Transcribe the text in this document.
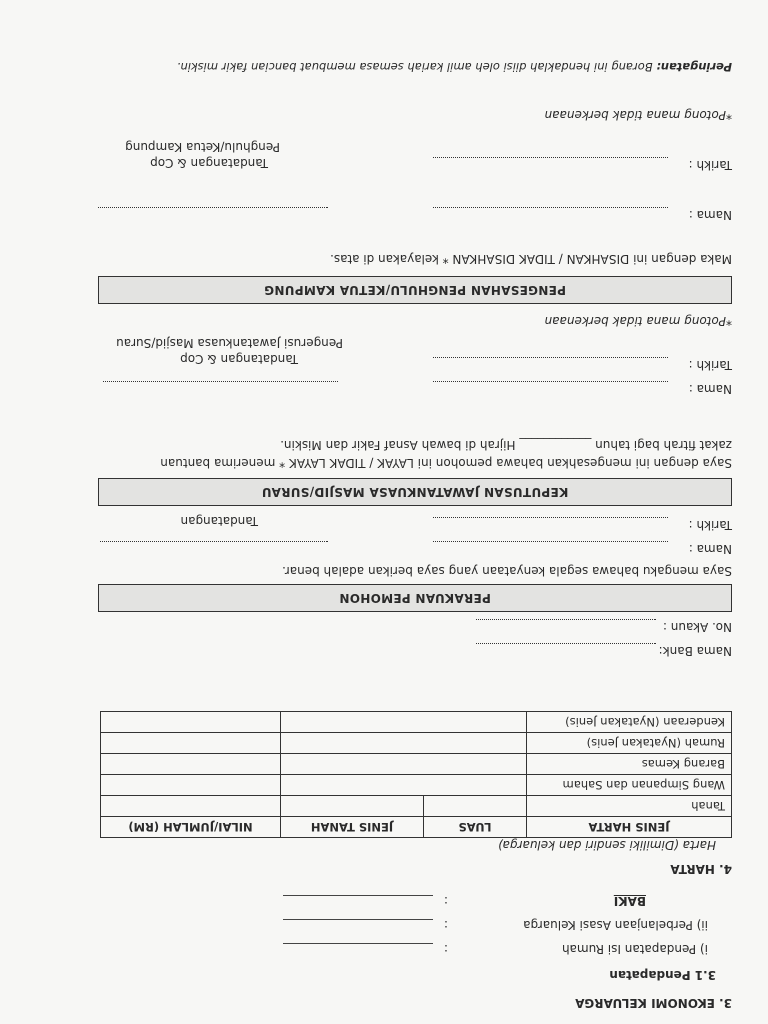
3. EKONOMI KELUARGA
3.1 Pendapatan
i) Pendapatan Isi Rumah
:
ii) Perbelanjaan Asasi Keluarga
:
BAKI
:
4. HARTA
Harta (Dimiliki sendiri dan keluarga)
JENIS HARTA	LUAS	JENIS TANAH	NILAI/JUMLAH (RM)
Tanah			
Wang Simpanan dan Saham			
Barang Kemas			
Rumah (Nyatakan Jenis)			
Kenderaan (Nyatakan Jenis)			
Nama Bank:
No. Akaun :
PERAKUAN PEMOHON
Saya mengaku bahawa segala kenyataan yang saya berikan adalah benar.
Nama :
Tarikh :
Tandatangan
KEPUTUSAN JAWATANKUASA MASJID/SURAU
Saya dengan ini mengesahkan bahawa pemohon ini LAYAK / TIDAK LAYAK * menerima bantuan
zakat fitrah bagi tahun ____________ Hijrah di bawah Asnaf Fakir dan Miskin.
Nama :
Tarikh :
Tandatangan & Cop
Pengerusi Jawatankuasa Masjid/Surau
*Potong mana tidak berkenaan
PENGESAHAN PENGHULU/KETUA KAMPUNG
Maka dengan ini DISAHKAN / TIDAK DISAHKAN * kelayakan di atas.
Nama :
Tarikh :
Tandatangan & Cop
Penghulu/Ketua Kampung
*Potong mana tidak berkenaan
Peringatan: Borang ini hendaklah diisi oleh amil kariah semasa membuat bancian fakir miskin.
